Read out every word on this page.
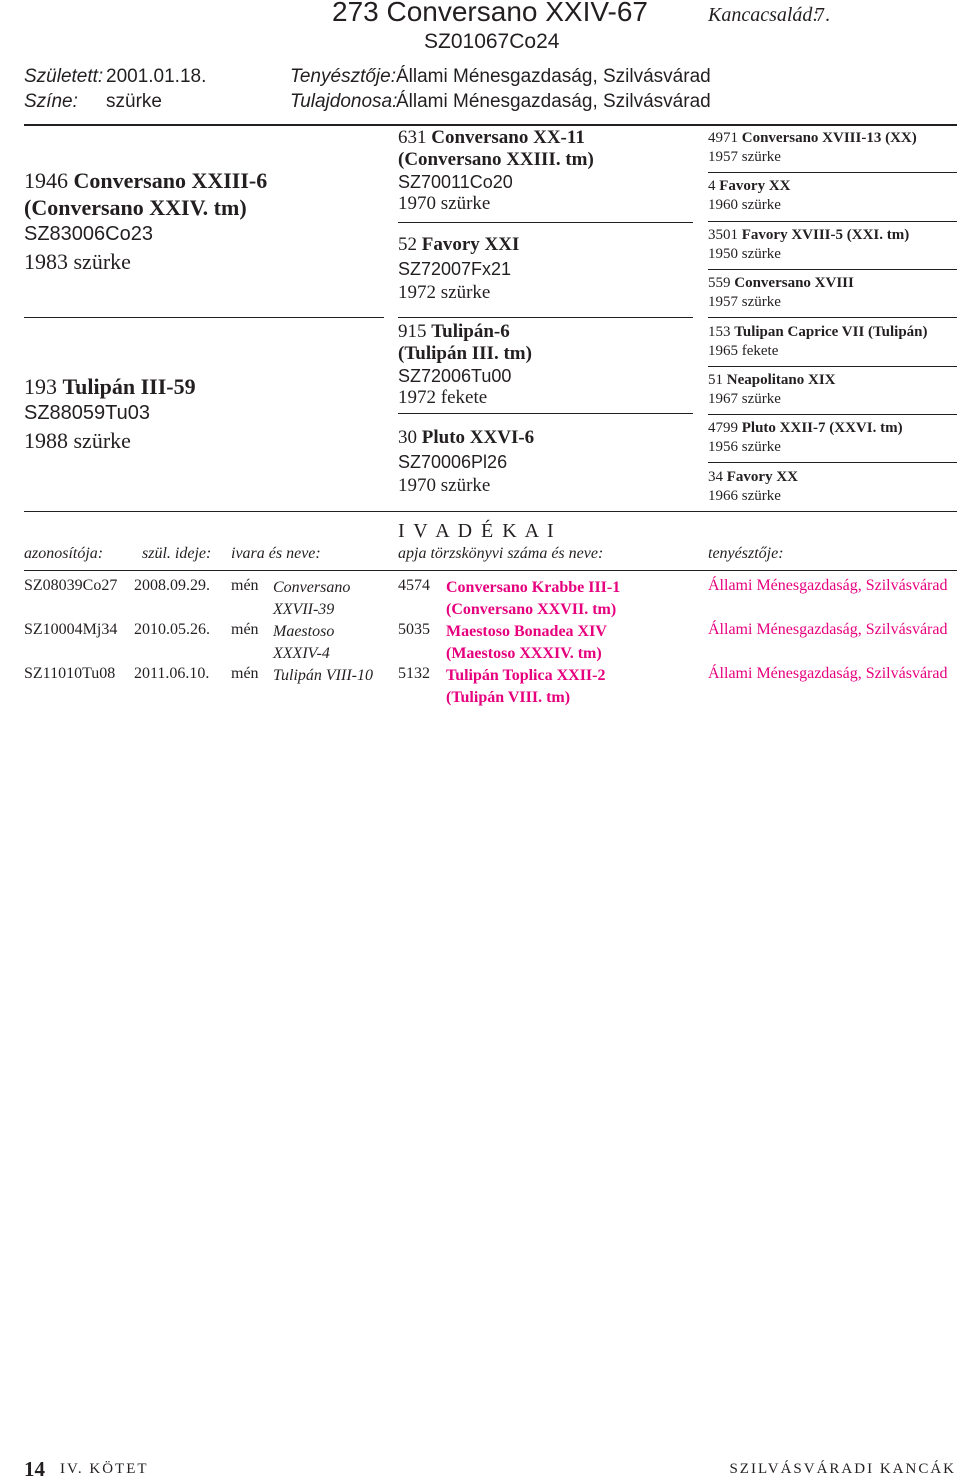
273 Conversano XXIV-67	Kancacsalád:
7.
SZ01067Co24
Született: 2001.01.18.
Színe: szürke
Tenyésztője: Állami Ménesgazdaság, Szilvásvárad
Tulajdonosa:
Állami Ménesgazdaság, Szilvásvárad
1946 Conversano XXIII-6
(Conversano XXIV. tm)
SZ83006Co23
1983 szürke
193 Tulipán III-59
SZ88059Tu03
1988 szürke
631 Conversano XX-11
(Conversano XXIII. tm)
SZ70011Co20
1970 szürke
52 Favory XXI
SZ72007Fx21
1972 szürke
915 Tulipán-6
(Tulipán III. tm)
SZ72006Tu00
1972 fekete
30 Pluto XXVI-6
SZ70006Pl26
1970 szürke
4971 Conversano XVIII-13 (XX)
1957 szürke
4 Favory XX
1960 szürke
3501 Favory XVIII-5 (XXI. tm)
1950 szürke
559 Conversano XVIII
1957 szürke
153 Tulipan Caprice VII (Tulipán)
1965 fekete
51 Neapolitano XIX
1967 szürke
4799 Pluto XXII-7 (XXVI. tm)
1956 szürke
34 Favory XX
1966 szürke
I V A D É K A I
azonosítója: szül. ideje: ivara és neve:	apja törzskönyvi száma és neve:	tenyésztője:
SZ08039Co27 2008.09.29. mén Conversano
XXVII-39
4574 Conversano Krabbe III-1
(Conversano XXVII. tm)
Állami Ménesgazdaság, Szilvásvárad
SZ10004Mj34 2010.05.26. mén Maestoso
XXXIV-4
5035 Maestoso Bonadea XIV
(Maestoso XXXIV. tm)
Állami Ménesgazdaság, Szilvásvárad
SZ11010Tu08 2011.06.10. mén Tulipán VIII-10 5132 Tulipán Toplica XXII-2
(Tulipán VIII. tm)
Állami Ménesgazdaság, Szilvásvárad
14 IV. KÖTET	SZILVÁSVÁRADI KANCÁK
